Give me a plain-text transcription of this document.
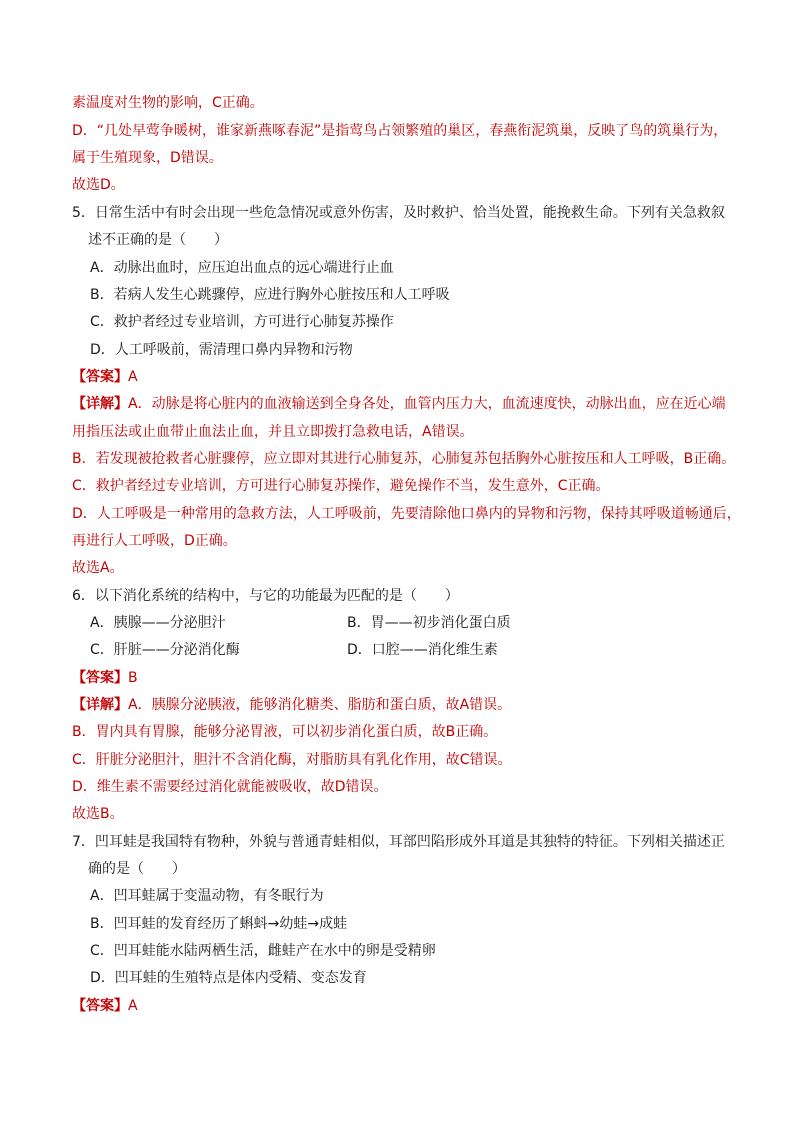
素温度对生物的影响，C正确。
D．“几处早莺争暖树，谁家新燕啄春泥”是指莺鸟占领繁殖的巢区，春燕衔泥筑巢，反映了鸟的筑巢行为，
属于生殖现象，D错误。
故选D。
5．日常生活中有时会出现一些危急情况或意外伤害，及时救护、恰当处置，能挽救生命。下列有关急救叙
述不正确的是（　　）
A．动脉出血时，应压迫出血点的远心端进行止血
B．若病人发生心跳骤停，应进行胸外心脏按压和人工呼吸
C．救护者经过专业培训，方可进行心肺复苏操作
D．人工呼吸前，需清理口鼻内异物和污物
【答案】A
【详解】A．动脉是将心脏内的血液输送到全身各处，血管内压力大，血流速度快，动脉出血，应在近心端
用指压法或止血带止血法止血，并且立即拨打急救电话，A错误。
B．若发现被抢救者心脏骤停，应立即对其进行心肺复苏，心肺复苏包括胸外心脏按压和人工呼吸，B正确。
C．救护者经过专业培训，方可进行心肺复苏操作，避免操作不当，发生意外，C正确。
D．人工呼吸是一种常用的急救方法，人工呼吸前，先要清除他口鼻内的异物和污物，保持其呼吸道畅通后，
再进行人工呼吸，D正确。
故选A。
6．以下消化系统的结构中，与它的功能最为匹配的是（　　）
A．胰腺——分泌胆汁	B．胃——初步消化蛋白质
C．肝脏——分泌消化酶	D．口腔——消化维生素
【答案】B
【详解】A．胰腺分泌胰液，能够消化糖类、脂肪和蛋白质，故A错误。
B．胃内具有胃腺，能够分泌胃液，可以初步消化蛋白质，故B正确。
C．肝脏分泌胆汁，胆汁不含消化酶，对脂肪具有乳化作用，故C错误。
D．维生素不需要经过消化就能被吸收，故D错误。
故选B。
7．凹耳蛙是我国特有物种，外貌与普通青蛙相似，耳部凹陷形成外耳道是其独特的特征。下列相关描述正
确的是（　　）
A．凹耳蛙属于变温动物，有冬眠行为
B．凹耳蛙的发育经历了蝌蚪→幼蛙→成蛙
C．凹耳蛙能水陆两栖生活，雌蛙产在水中的卵是受精卵
D．凹耳蛙的生殖特点是体内受精、变态发育
【答案】A
